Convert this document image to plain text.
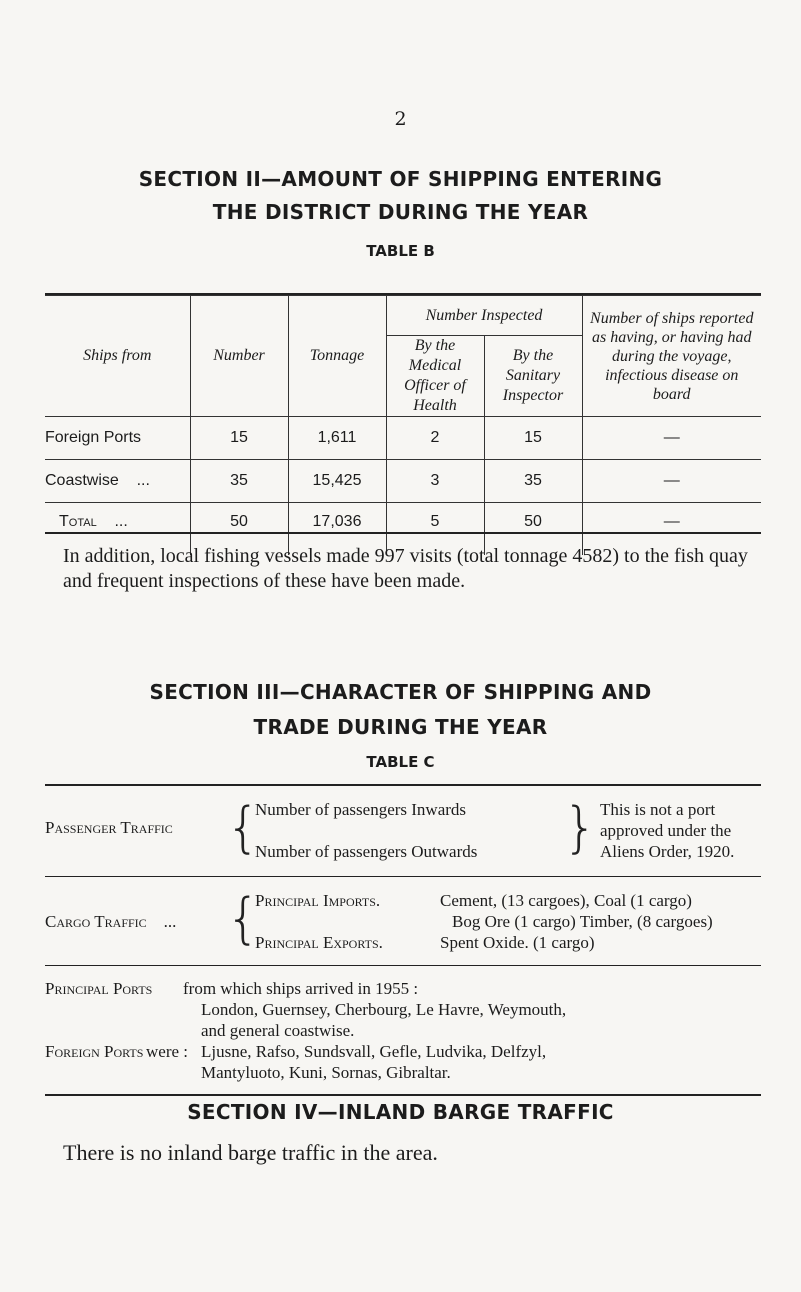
2
SECTION II—AMOUNT OF SHIPPING ENTERING
THE DISTRICT DURING THE YEAR
TABLE B
Ships from	Number	Tonnage	Number Inspected		Number of ships reported as having, or having had during the voyage, infectious disease on board
			By the Medical Officer of Health	By the Sanitary Inspector	
Foreign Ports	15	1,611	2	15	—
Coastwise    ...	35	15,425	3	35	—
Total    ...	50	17,036	5	50	—
In addition, local fishing vessels made 997 visits (total tonnage 4582) to the fish quay and frequent inspections of these have been made.
SECTION III—CHARACTER OF SHIPPING AND
TRADE DURING THE YEAR
TABLE C
Passenger Traffic {
Number of passengers Inwards
Number of passengers Outwards } This is not a port
approved under the
Aliens Order, 1920.
Cargo Traffic    ... {
Principal Imports.	Cement, (13 cargoes), Coal (1 cargo)
Bog Ore (1 cargo) Timber, (8 cargoes)
Principal Exports.	Spent Oxide. (1 cargo)
Principal Ports from which ships arrived in 1955 :
London, Guernsey, Cherbourg, Le Havre, Weymouth,
and general coastwise.
Foreign Ports were : Ljusne, Rafso, Sundsvall, Gefle, Ludvika, Delfzyl,
Mantyluoto, Kuni, Sornas, Gibraltar.
SECTION IV—INLAND BARGE TRAFFIC
There is no inland barge traffic in the area.
